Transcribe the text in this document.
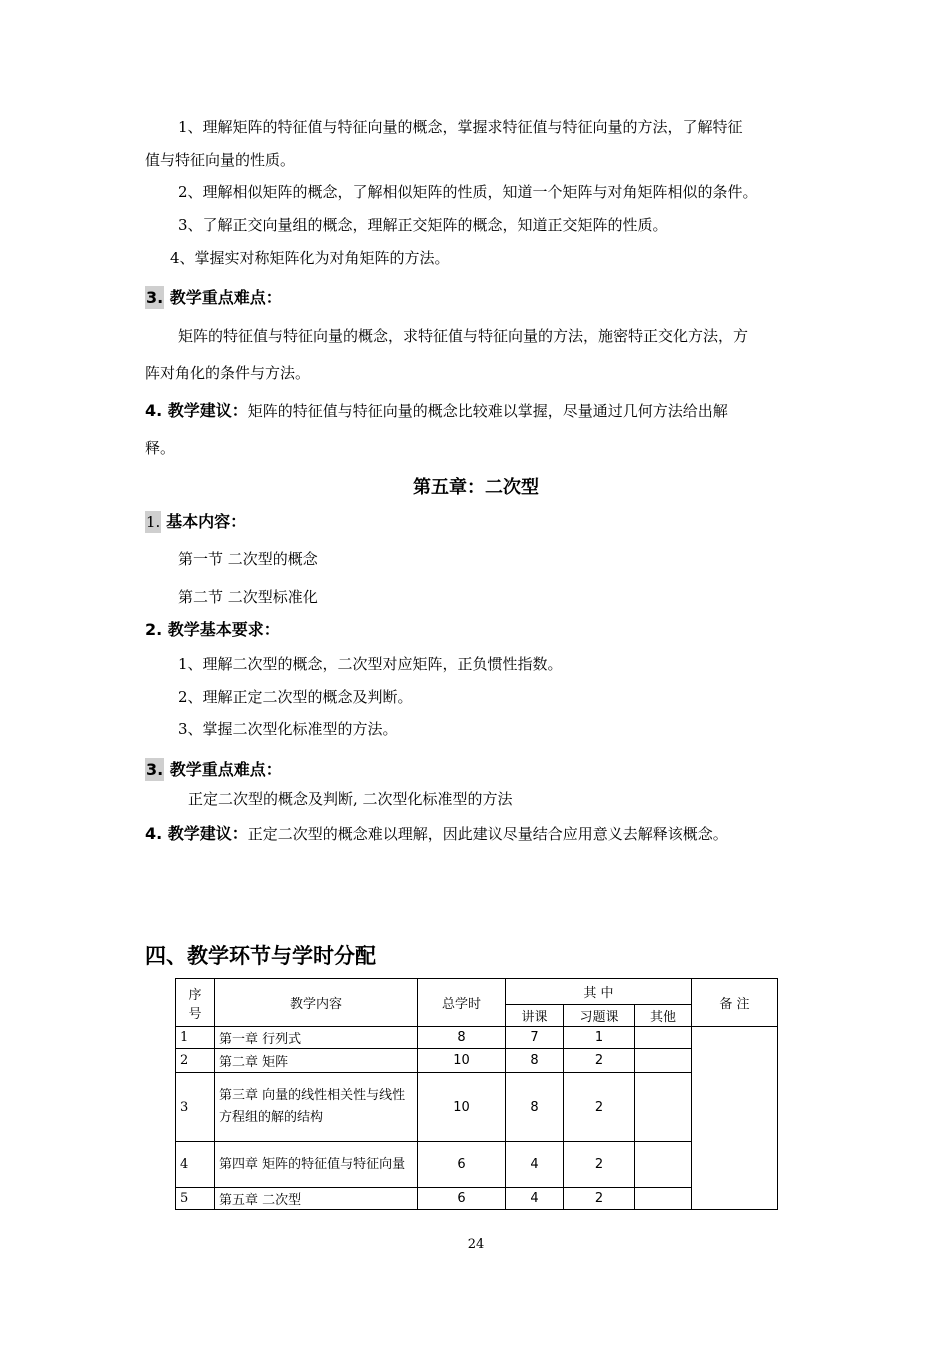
1、理解矩阵的特征值与特征向量的概念，掌握求特征值与特征向量的方法，了解特征
值与特征向量的性质。
2、理解相似矩阵的概念，了解相似矩阵的性质，知道一个矩阵与对角矩阵相似的条件。
3、了解正交向量组的概念，理解正交矩阵的概念，知道正交矩阵的性质。
4、掌握实对称矩阵化为对角矩阵的方法。
3. 教学重点难点：
矩阵的特征值与特征向量的概念，求特征值与特征向量的方法，施密特正交化方法，方
阵对角化的条件与方法。
4. 教学建议：矩阵的特征值与特征向量的概念比较难以掌握，尽量通过几何方法给出解
释。
第五章：二次型
1. 基本内容：
第一节 二次型的概念
第二节 二次型标准化
2. 教学基本要求：
1、理解二次型的概念，二次型对应矩阵，正负惯性指数。
2、理解正定二次型的概念及判断。
3、掌握二次型化标准型的方法。
3. 教学重点难点：
正定二次型的概念及判断, 二次型化标准型的方法
4. 教学建议：正定二次型的概念难以理解，因此建议尽量结合应用意义去解释该概念。
四、教学环节与学时分配
序
号	教学内容	总学时	其 中			备 注
			讲课	习题课	其他	
1	第一章 行列式	8	7	1		
2	第二章 矩阵	10	8	2		
3	第三章 向量的线性相关性与线性方程组的解的结构	10	8	2		
4	第四章 矩阵的特征值与特征向量	6	4	2		
5	第五章 二次型	6	4	2		
24
